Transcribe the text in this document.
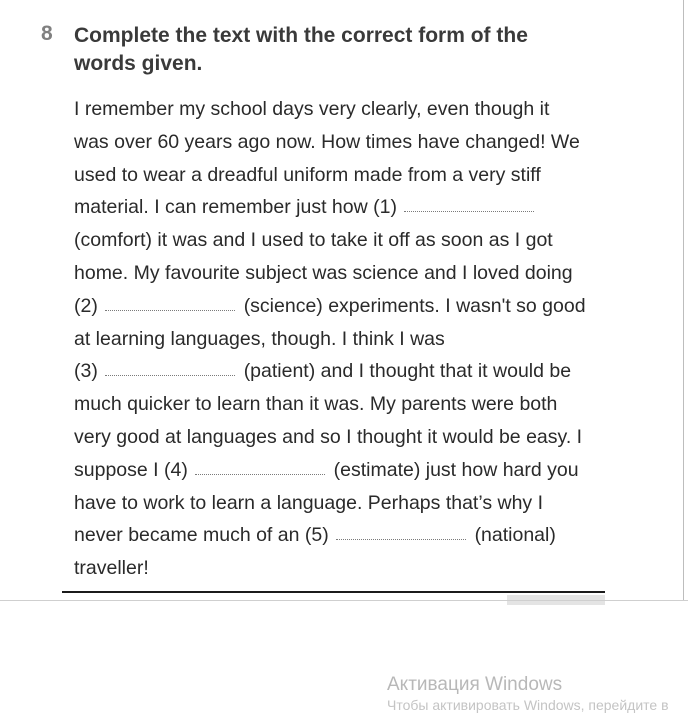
8 Complete the text with the correct form of the
words given.
I remember my school days very clearly, even though it
was over 60 years ago now. How times have changed! We
used to wear a dreadful uniform made from a very stiff
material. I can remember just how (1)
(comfort) it was and I used to take it off as soon as I got
home. My favourite subject was science and I loved doing
(2)	(science) experiments. I wasn't so good
at learning languages, though. I think I was
(3)	(patient) and I thought that it would be
much quicker to learn than it was. My parents were both
very good at languages and so I thought it would be easy. I
suppose I (4)	(estimate) just how hard you
have to work to learn a language. Perhaps that’s why I
never became much of an (5)	(national)
traveller!
Активация Windows
Чтобы активировать Windows, перейдите в
